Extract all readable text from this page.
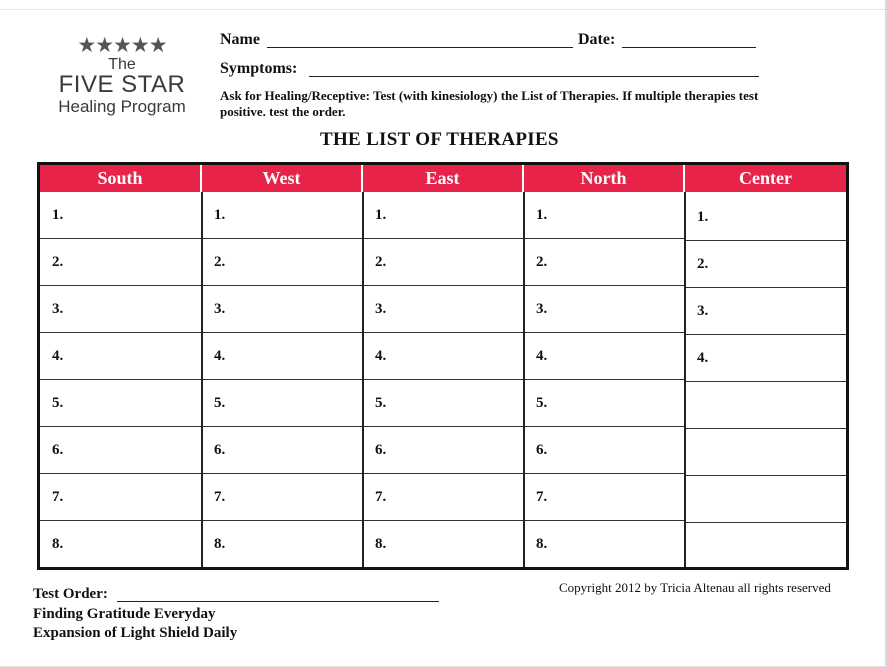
★★★★★
The
FIVE STAR
Healing Program
Name	Date:
Symptoms:
Ask for Healing/Receptive: Test (with kinesiology) the List of Therapies. If multiple therapies test positive. test the order.
THE LIST OF THERAPIES
South
1.
2.
3.
4.
5.
6.
7.
8.
West
1.
2.
3.
4.
5.
6.
7.
8.
East
1.
2.
3.
4.
5.
6.
7.
8.
North
1.
2.
3.
4.
5.
6.
7.
8.
Center
1.
2.
3.
4.
Test Order:
Finding Gratitude Everyday
Expansion of Light Shield Daily
Copyright 2012 by Tricia Altenau all rights reserved
